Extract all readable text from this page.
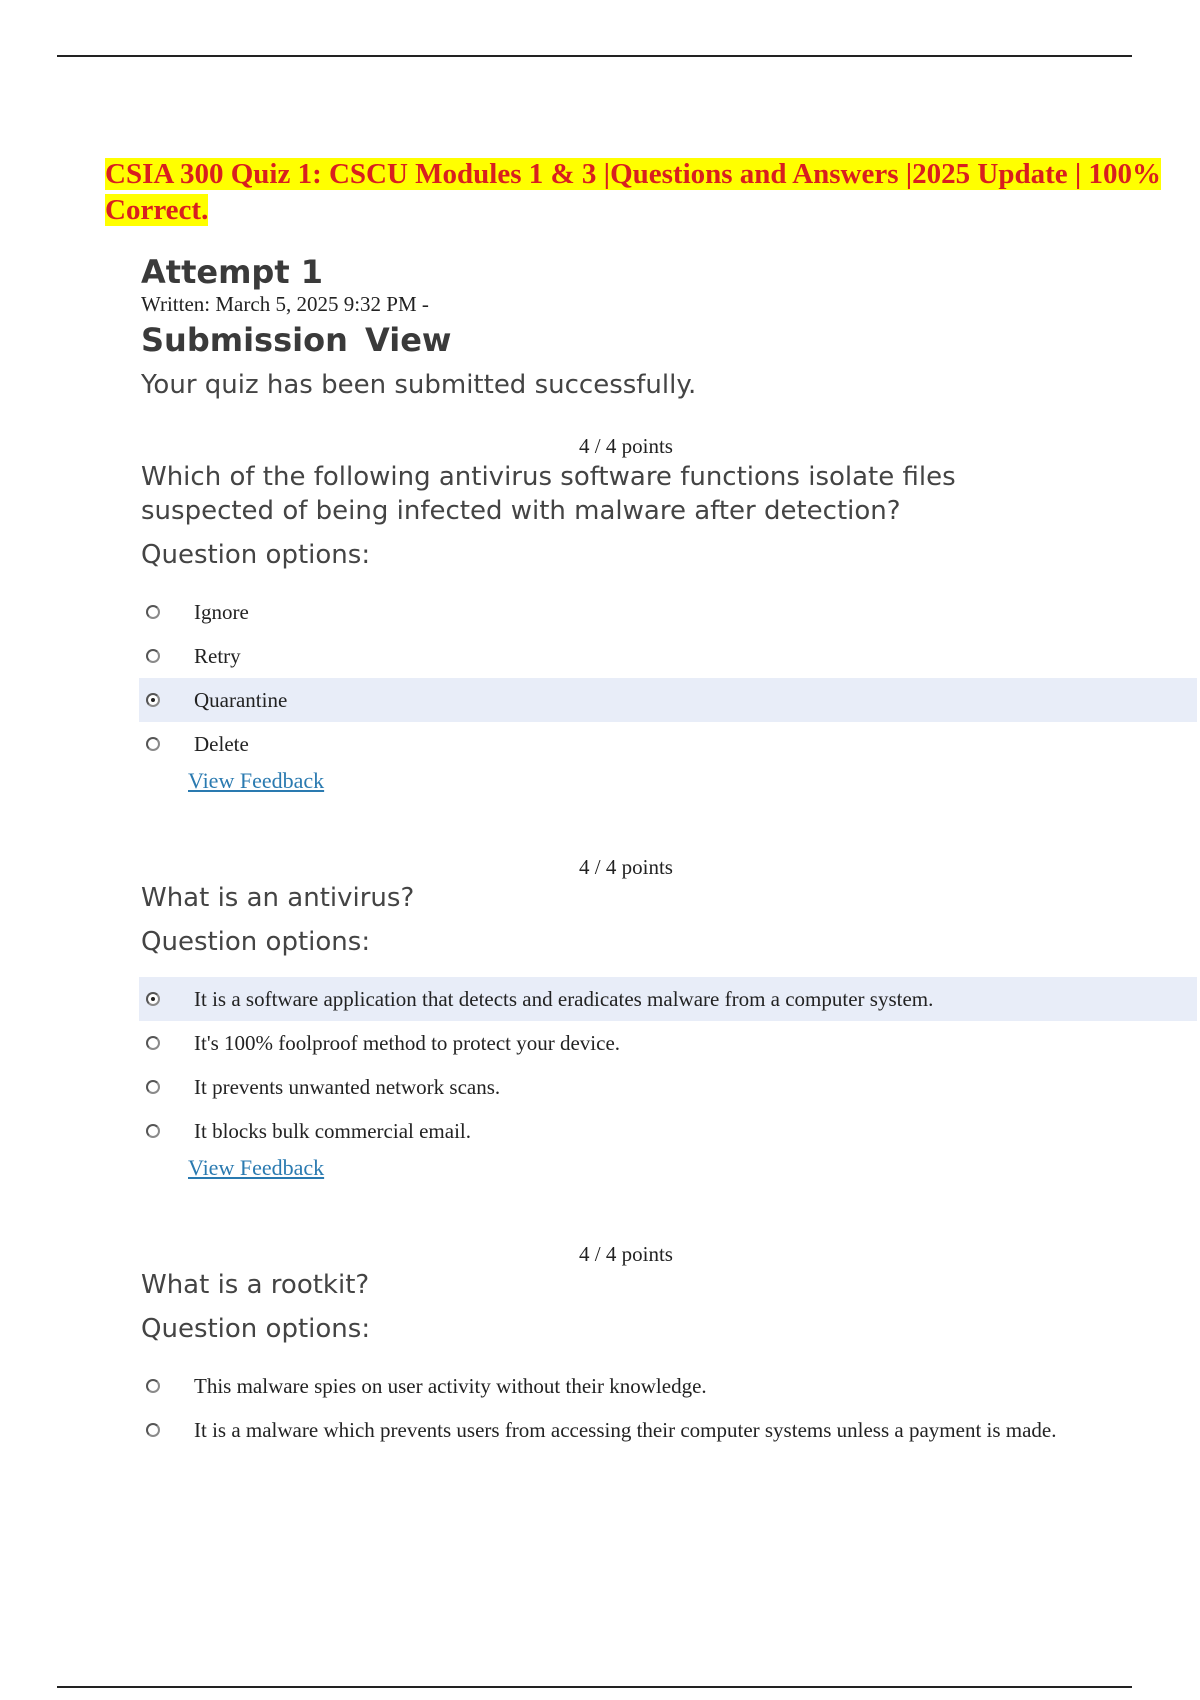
CSIA 300 Quiz 1: CSCU Modules 1 & 3 |Questions and Answers |2025 Update | 100% Correct.
Attempt 1

Written: March 5, 2025 9:32 PM -

Submission View

Your quiz has been submitted successfully.

4 / 4 points

Which of the following antivirus software functions isolate files suspected of being infected with malware after detection?

Question options:

Ignore
Retry
Quarantine
Delete
View Feedback
4 / 4 points

What is an antivirus?

Question options:

It is a software application that detects and eradicates malware from a computer system.
It's 100% foolproof method to protect your device.
It prevents unwanted network scans.
It blocks bulk commercial email.
View Feedback
4 / 4 points

What is a rootkit?

Question options:

This malware spies on user activity without their knowledge.
It is a malware which prevents users from accessing their computer systems unless a payment is made.
